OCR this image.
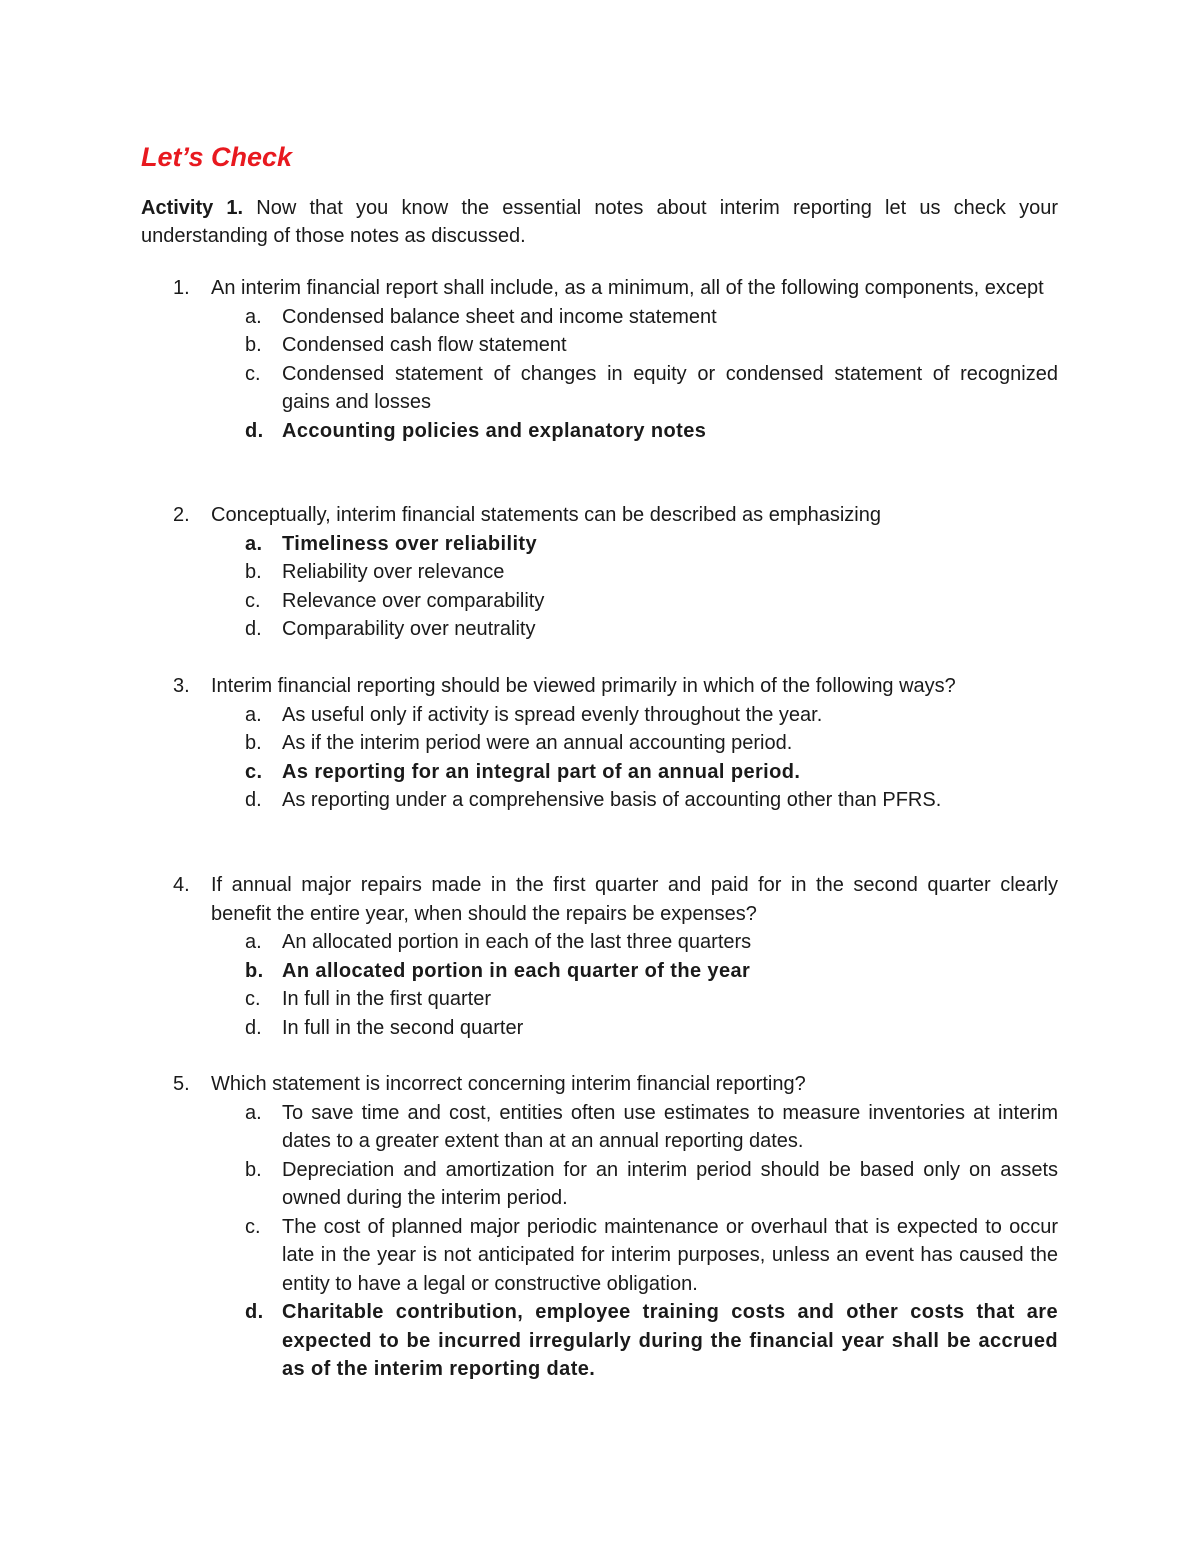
Let’s Check

Activity 1. Now that you know the essential notes about interim reporting let us check your understanding of those notes as discussed.

1.	An interim financial report shall include, as a minimum, all of the following components, except
a.	Condensed balance sheet and income statement
b.	Condensed cash flow statement
c.	Condensed statement of changes in equity or condensed statement of recognized gains and losses
d. Accounting policies and explanatory notes
2.	Conceptually, interim financial statements can be described as emphasizing
a. Timeliness over reliability
b.	Reliability over relevance
c.	Relevance over comparability
d.	Comparability over neutrality
3.	Interim financial reporting should be viewed primarily in which of the following ways?
a.	As useful only if activity is spread evenly throughout the year.
b.	As if the interim period were an annual accounting period.
c. As reporting for an integral part of an annual period.
d.	As reporting under a comprehensive basis of accounting other than PFRS.
4.	If annual major repairs made in the first quarter and paid for in the second quarter clearly benefit the entire year, when should the repairs be expenses?
a.	An allocated portion in each of the last three quarters
b. An allocated portion in each quarter of the year
c.	In full in the first quarter
d.	In full in the second quarter
5.	Which statement is incorrect concerning interim financial reporting?
a.	To save time and cost, entities often use estimates to measure inventories at interim dates to a greater extent than at an annual reporting dates.
b.	Depreciation and amortization for an interim period should be based only on assets owned during the interim period.
c.	The cost of planned major periodic maintenance or overhaul that is expected to occur late in the year is not anticipated for interim purposes, unless an event has caused the entity to have a legal or constructive obligation.
d. Charitable contribution, employee training costs and other costs that are expected to be incurred irregularly during the financial year shall be accrued as of the interim reporting date.
